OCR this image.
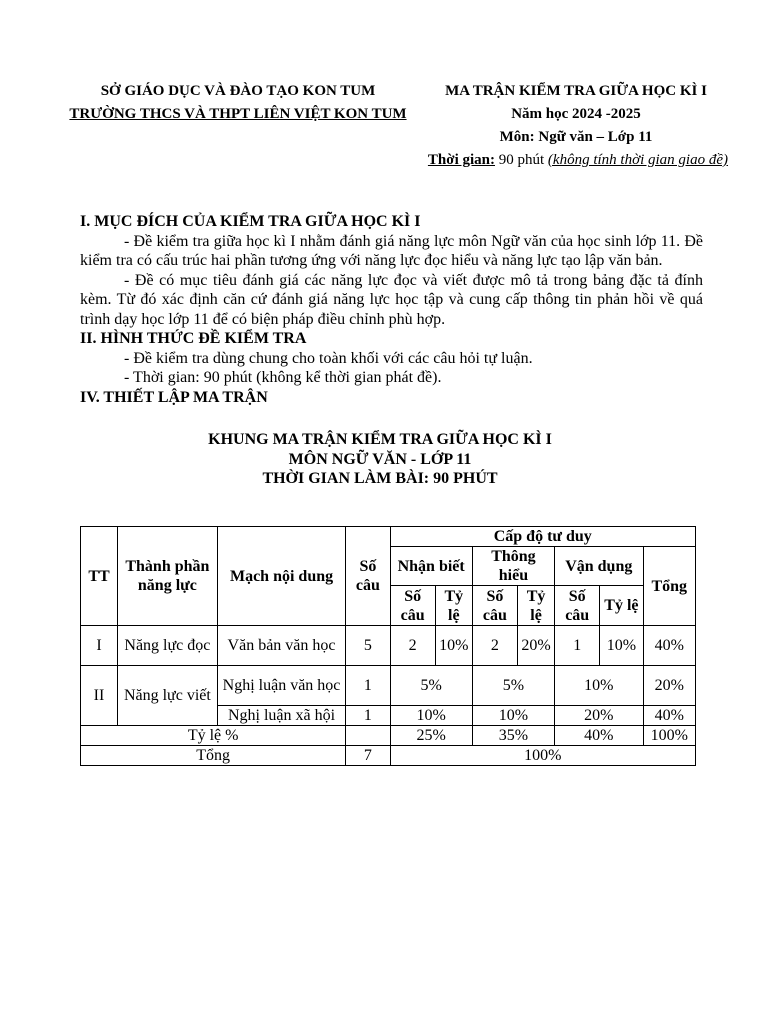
SỞ GIÁO DỤC VÀ ĐÀO TẠO KON TUM
TRƯỜNG THCS VÀ THPT LIÊN VIỆT KON TUM
MA TRẬN KIỂM TRA GIỮA HỌC KÌ I
Năm học 2024 -2025
Môn: Ngữ văn – Lớp 11
Thời gian: 90 phút (không tính thời gian giao đề)
I. MỤC ĐÍCH CỦA KIỂM TRA GIỮA HỌC KÌ I
- Đề kiểm tra giữa học kì I nhằm đánh giá năng lực môn Ngữ văn của học sinh lớp 11. Đề kiểm tra có cấu trúc hai phần tương ứng với năng lực đọc hiểu và năng lực tạo lập văn bản.
- Đề có mục tiêu đánh giá các năng lực đọc và viết được mô tả trong bảng đặc tả đính kèm. Từ đó xác định căn cứ đánh giá năng lực học tập và cung cấp thông tin phản hồi về quá trình dạy học lớp 11 để có biện pháp điều chỉnh phù hợp.
II. HÌNH THỨC ĐỀ KIỂM TRA
- Đề kiểm tra dùng chung cho toàn khối với các câu hỏi tự luận.
- Thời gian: 90 phút (không kể thời gian phát đề).
IV. THIẾT LẬP MA TRẬN
KHUNG MA TRẬN KIỂM TRA GIỮA HỌC KÌ I
MÔN NGỮ VĂN - LỚP 11
THỜI GIAN LÀM BÀI: 90 PHÚT
TT	Thành phần năng lực	Mạch nội dung	Số câu	Cấp độ tư duy						
				Nhận biết		Thông hiểu		Vận dụng		Tổng
				Số câu	Tỷ lệ	Số câu	Tỷ lệ	Số câu	Tỷ lệ	
I	Năng lực đọc	Văn bản văn học	5	2	10%	2	20%	1	10%	40%
II	Năng lực viết	Nghị luận văn học	1	5%		5%		10%		20%
		Nghị luận xã hội	1	10%		10%		20%		40%
Tỷ lệ %				25%		35%		40%		100%
Tổng			7	100%						
